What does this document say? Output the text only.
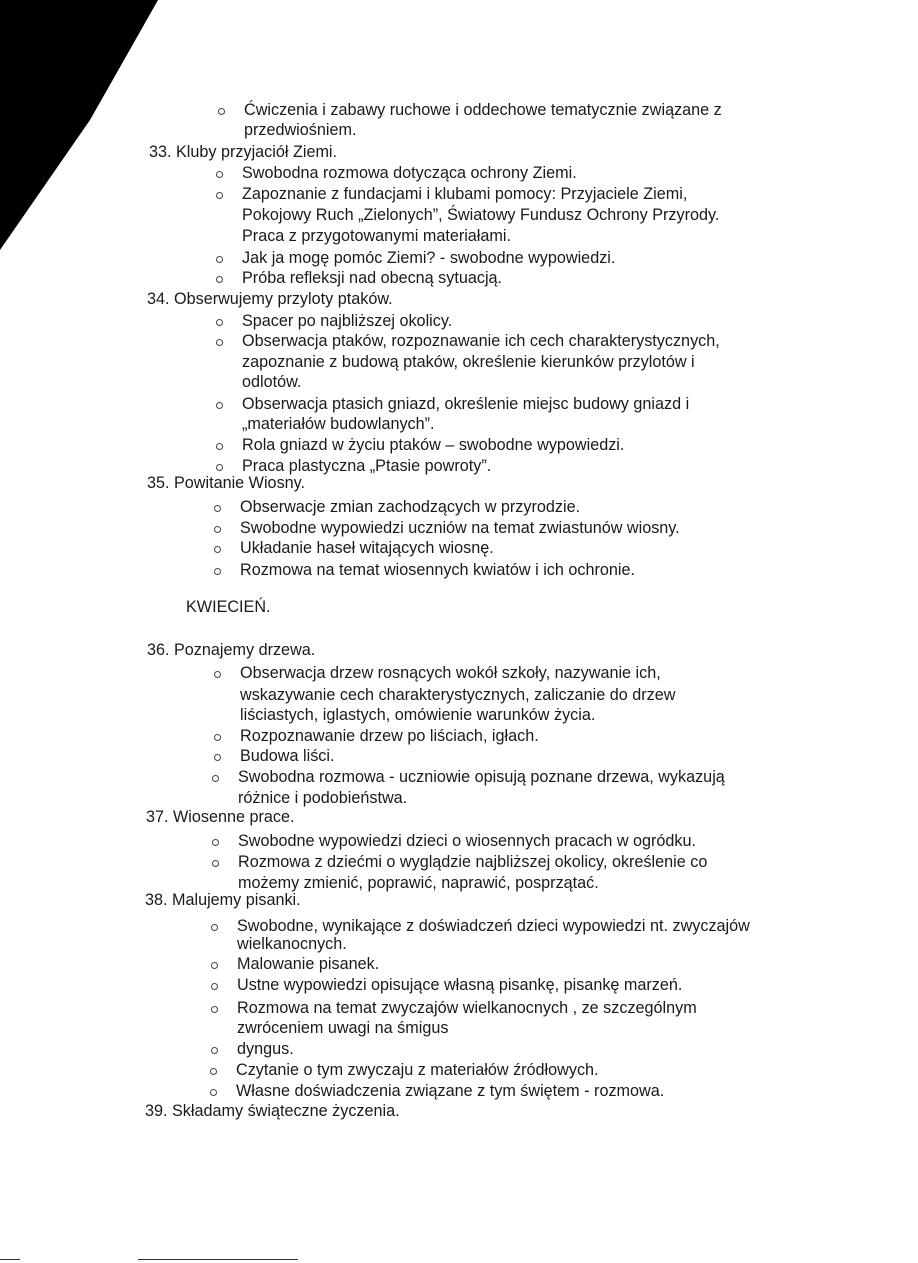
Ćwiczenia i zabawy ruchowe i oddechowe tematycznie związane z
przedwiośniem.
33. Kluby przyjaciół Ziemi.
Swobodna rozmowa dotycząca ochrony Ziemi.
Zapoznanie z fundacjami i klubami pomocy: Przyjaciele Ziemi,
Pokojowy Ruch „Zielonych”, Światowy Fundusz Ochrony Przyrody.
Praca z przygotowanymi materiałami.
Jak ja mogę pomóc Ziemi? - swobodne wypowiedzi.
Próba refleksji nad obecną sytuacją.
34. Obserwujemy przyloty ptaków.
Spacer po najbliższej okolicy.
Obserwacja ptaków, rozpoznawanie ich cech charakterystycznych,
zapoznanie z budową ptaków, określenie kierunków przylotów i
odlotów.
Obserwacja ptasich gniazd, określenie miejsc budowy gniazd i
„materiałów budowlanych”.
Rola gniazd w życiu ptaków – swobodne wypowiedzi.
Praca plastyczna „Ptasie powroty”.
35. Powitanie Wiosny.
Obserwacje zmian zachodzących w przyrodzie.
Swobodne wypowiedzi uczniów na temat zwiastunów wiosny.
Układanie haseł witających wiosnę.
Rozmowa na temat wiosennych kwiatów i ich ochronie.
KWIECIEŃ.
36. Poznajemy drzewa.
Obserwacja drzew rosnących wokół szkoły, nazywanie ich,
wskazywanie cech charakterystycznych, zaliczanie do drzew
liściastych, iglastych, omówienie warunków życia.
Rozpoznawanie drzew po liściach, igłach.
Budowa liści.
Swobodna rozmowa - uczniowie opisują poznane drzewa, wykazują
różnice i podobieństwa.
37. Wiosenne prace.
Swobodne wypowiedzi dzieci o wiosennych pracach w ogródku.
Rozmowa z dziećmi o wyglądzie najbliższej okolicy, określenie co
możemy zmienić, poprawić, naprawić, posprzątać.
38. Malujemy pisanki.
Swobodne, wynikające z doświadczeń dzieci wypowiedzi nt. zwyczajów
wielkanocnych.
Malowanie pisanek.
Ustne wypowiedzi opisujące własną pisankę, pisankę marzeń.
Rozmowa na temat zwyczajów wielkanocnych , ze szczególnym
zwróceniem uwagi na śmigus
dyngus.
Czytanie o tym zwyczaju z materiałów źródłowych.
Własne doświadczenia związane z tym świętem - rozmowa.
39. Składamy świąteczne życzenia.
